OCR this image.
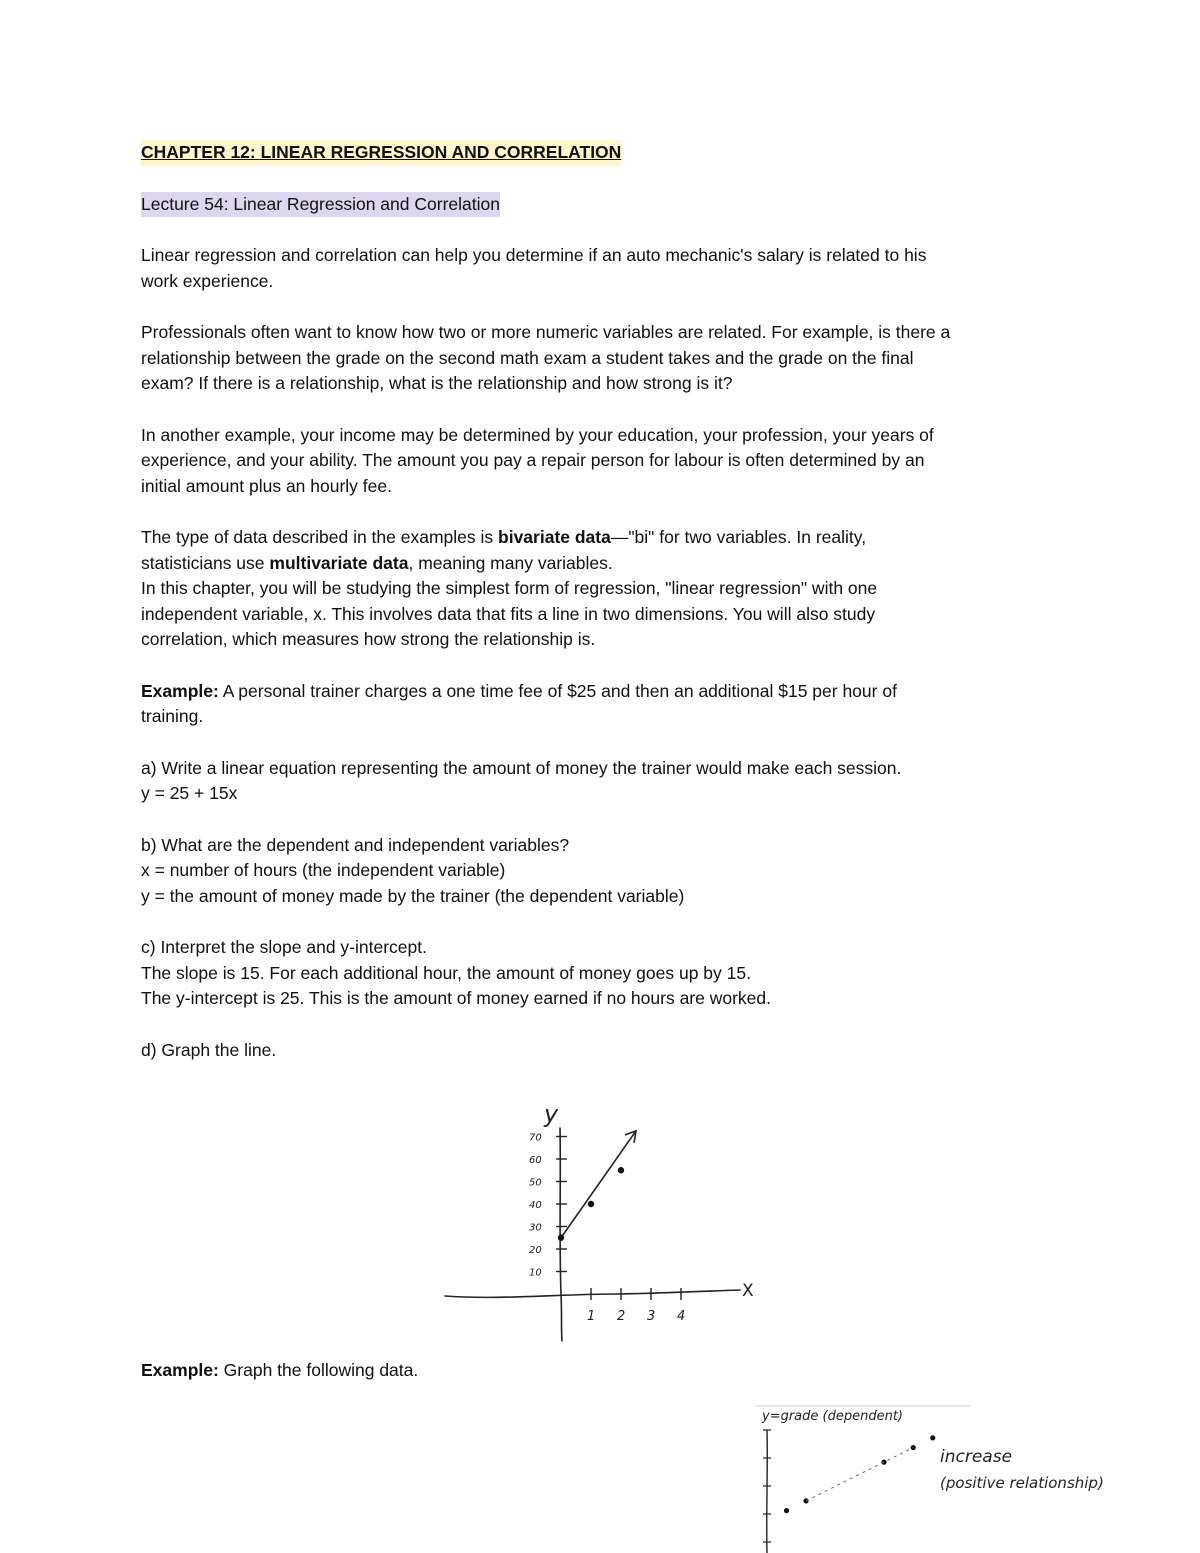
CHAPTER 12: LINEAR REGRESSION AND CORRELATION
Lecture 54: Linear Regression and Correlation
Linear regression and correlation can help you determine if an auto mechanic's salary is related to his
work experience.
Professionals often want to know how two or more numeric variables are related. For example, is there a
relationship between the grade on the second math exam a student takes and the grade on the final
exam? If there is a relationship, what is the relationship and how strong is it?
In another example, your income may be determined by your education, your profession, your years of
experience, and your ability. The amount you pay a repair person for labour is often determined by an
initial amount plus an hourly fee.
The type of data described in the examples is bivariate data—"bi" for two variables. In reality,
statisticians use multivariate data, meaning many variables.
In this chapter, you will be studying the simplest form of regression, "linear regression" with one
independent variable, x. This involves data that fits a line in two dimensions. You will also study
correlation, which measures how strong the relationship is.
Example: A personal trainer charges a one time fee of $25 and then an additional $15 per hour of
training.
a) Write a linear equation representing the amount of money the trainer would make each session.
y = 25 + 15x
b) What are the dependent and independent variables?
x = number of hours (the independent variable)
y = the amount of money made by the trainer (the dependent variable)
c) Interpret the slope and y-intercept.
The slope is 15. For each additional hour, the amount of money goes up by 15.
The y-intercept is 25. This is the amount of money earned if no hours are worked.
d) Graph the line.
70
60
50
40
30
20
10
1 2 3 4
y
X
Example: Graph the following data.
y=grade (dependent)
increase
(positive relationship)
